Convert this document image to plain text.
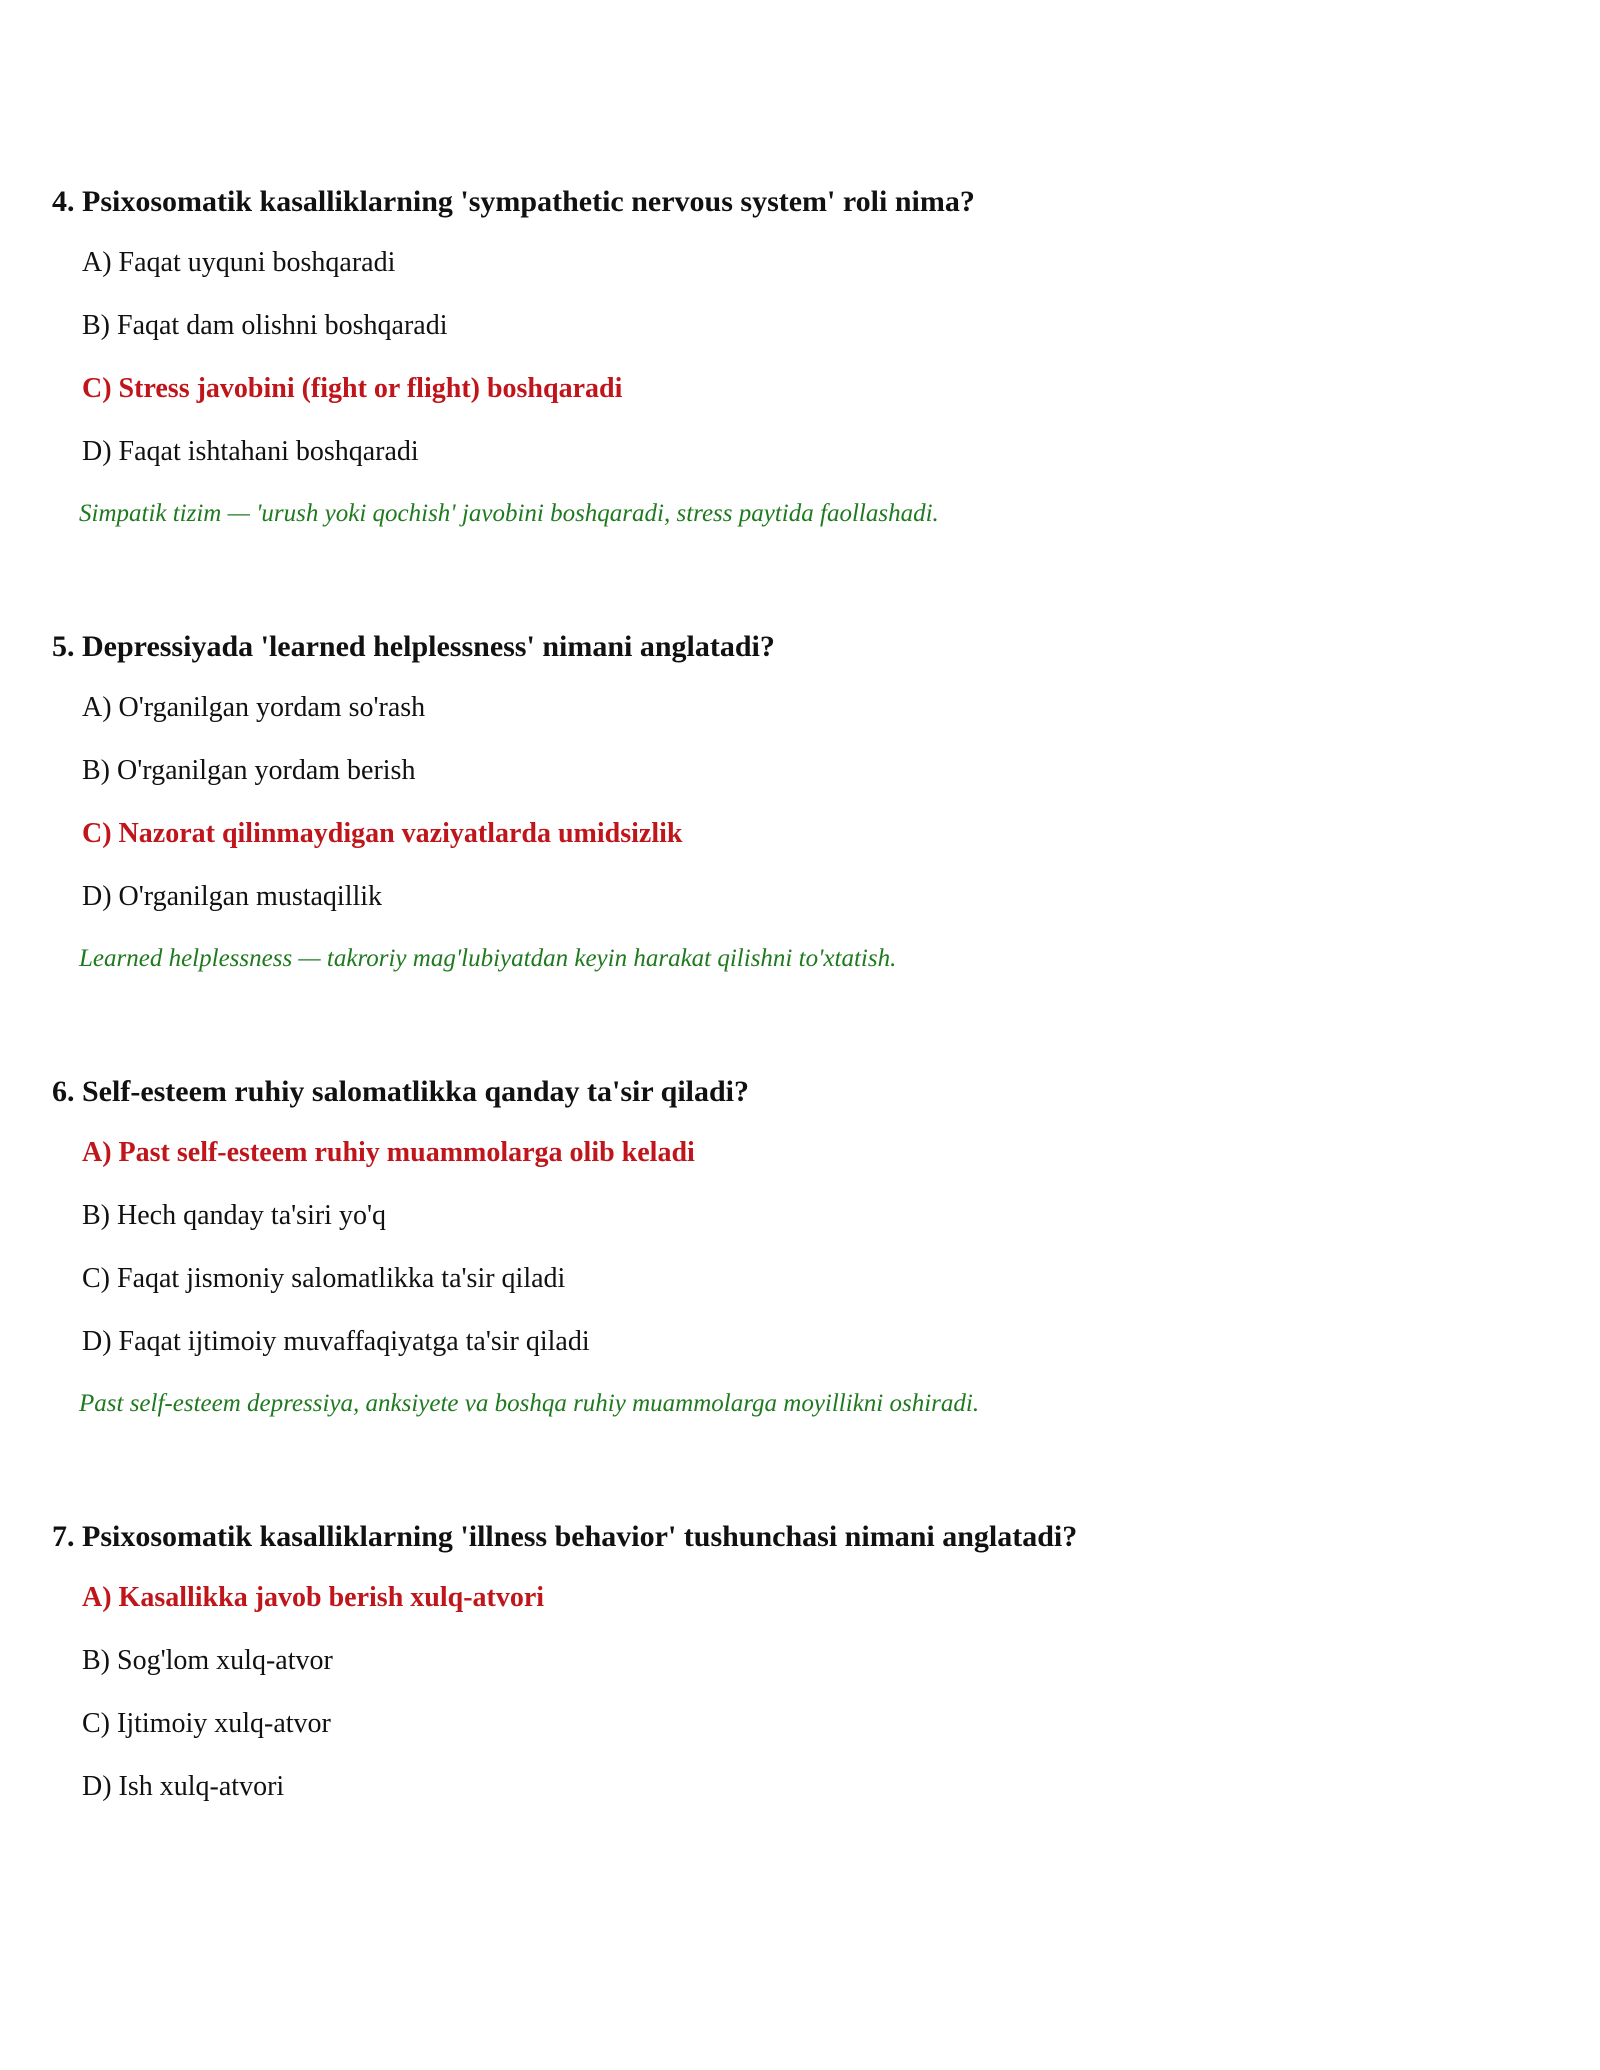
4. Psixosomatik kasalliklarning 'sympathetic nervous system' roli nima?

A) Faqat uyquni boshqaradi
B) Faqat dam olishni boshqaradi
C) Stress javobini (fight or flight) boshqaradi
D) Faqat ishtahani boshqaradi
Simpatik tizim — 'urush yoki qochish' javobini boshqaradi, stress paytida faollashadi.

5. Depressiyada 'learned helplessness' nimani anglatadi?

A) O'rganilgan yordam so'rash
B) O'rganilgan yordam berish
C) Nazorat qilinmaydigan vaziyatlarda umidsizlik
D) O'rganilgan mustaqillik
Learned helplessness — takroriy mag'lubiyatdan keyin harakat qilishni to'xtatish.

6. Self-esteem ruhiy salomatlikka qanday ta'sir qiladi?

A) Past self-esteem ruhiy muammolarga olib keladi
B) Hech qanday ta'siri yo'q
C) Faqat jismoniy salomatlikka ta'sir qiladi
D) Faqat ijtimoiy muvaffaqiyatga ta'sir qiladi
Past self-esteem depressiya, anksiyete va boshqa ruhiy muammolarga moyillikni oshiradi.

7. Psixosomatik kasalliklarning 'illness behavior' tushunchasi nimani anglatadi?

A) Kasallikka javob berish xulq-atvori
B) Sog'lom xulq-atvor
C) Ijtimoiy xulq-atvor
D) Ish xulq-atvori
